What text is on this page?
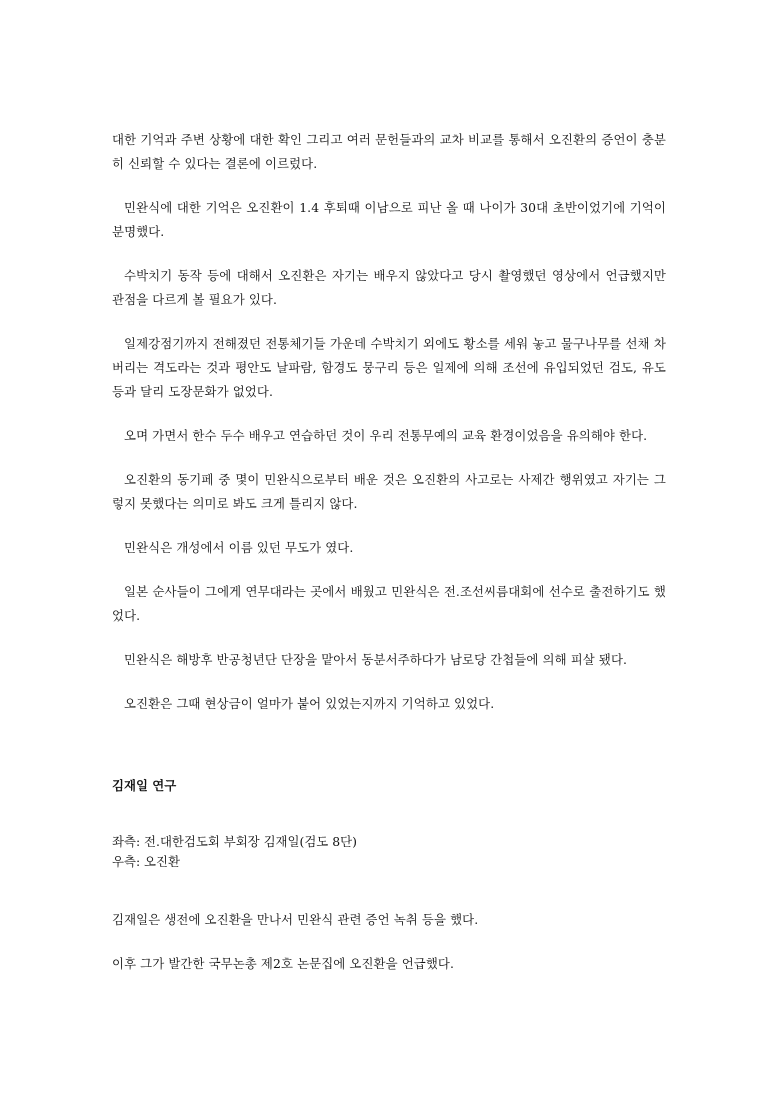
대한 기억과 주변 상황에 대한 확인 그리고 여러 문헌들과의 교차 비교를 통해서 오진환의 증언이 충분히 신뢰할 수 있다는 결론에 이르렀다.

민완식에 대한 기억은 오진환이 1.4 후퇴때 이남으로 피난 올 때 나이가 30대 초반이었기에 기억이 분명했다.

수박치기 동작 등에 대해서 오진환은 자기는 배우지 않았다고 당시 촬영했던 영상에서 언급했지만 관점을 다르게 볼 필요가 있다.

일제강점기까지 전해졌던 전통체기들 가운데 수박치기 외에도 황소를 세워 놓고 물구나무를 선채 차 버리는 격도라는 것과 평안도 날파람, 함경도 뭉구리 등은 일제에 의해 조선에 유입되었던 검도, 유도 등과 달리 도장문화가 없었다.

오며 가면서 한수 두수 배우고 연습하던 것이 우리 전통무예의 교육 환경이었음을 유의해야 한다.

오진환의 동기페 중 몇이 민완식으로부터 배운 것은 오진환의 사고로는 사제간 행위였고 자기는 그렇지 못했다는 의미로 봐도 크게 틀리지 않다.

민완식은 개성에서 이름 있던 무도가 였다.

일본 순사들이 그에게 연무대라는 곳에서 배웠고 민완식은 전.조선씨름대회에 선수로 출전하기도 했었다.

민완식은 해방후 반공청년단 단장을 맡아서 동분서주하다가 남로당 간첩들에 의해 피살 됐다.

오진환은 그때 현상금이 얼마가 붙어 있었는지까지 기억하고 있었다.

김재일 연구

좌측: 전.대한검도회 부회장 김재일(검도 8단)

우측: 오진환

김재일은 생전에 오진환을 만나서 민완식 관련 증언 녹취 등을 했다.

이후 그가 발간한 국무논총 제2호 논문집에 오진환을 언급했다.
